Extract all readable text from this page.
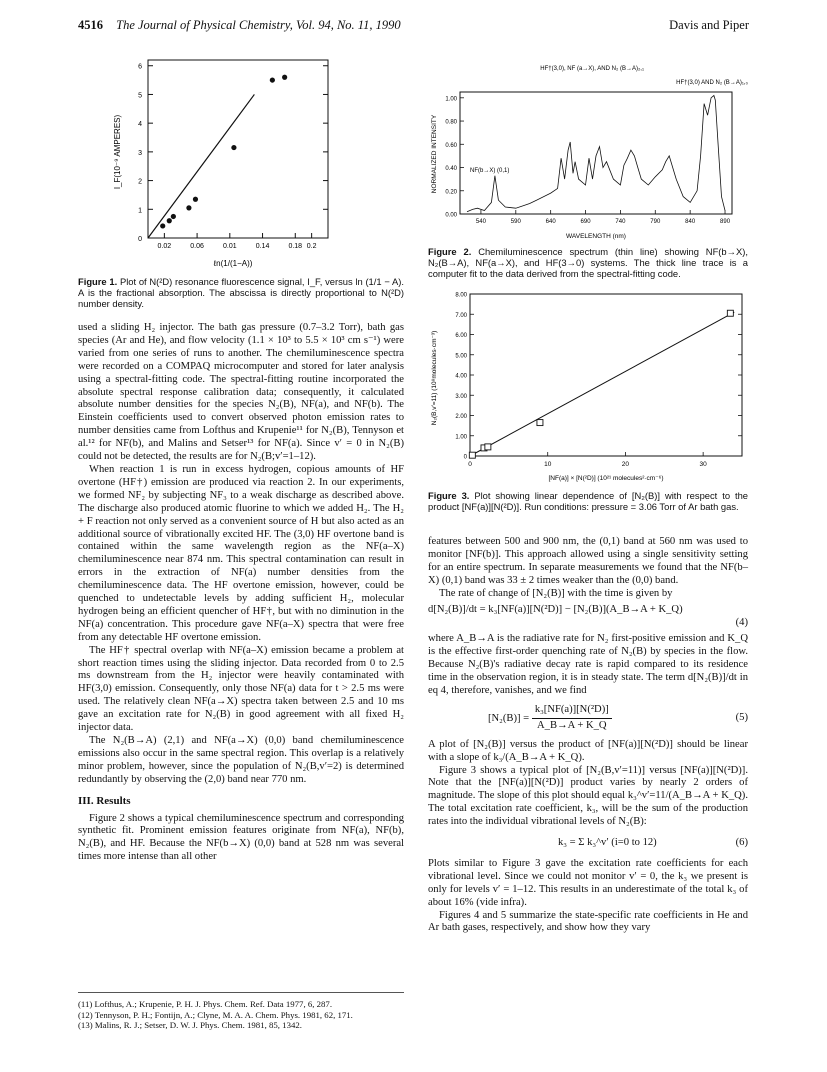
4516 The Journal of Physical Chemistry, Vol. 94, No. 11, 1990	Davis and Piper
0
1
2
3
4
5
6
0.02	0.06	0.01	0.14	0.18 0.2
I_F(10⁻⁹ AMPERES)
ℓn(1/(1−A))
Figure 1. Plot of N(²D) resonance fluorescence signal, I_F, versus ln (1/1 − A). A is the fractional absorption. The abscissa is directly proportional to N(²D) number density.
0.00
0.20
0.40
0.60
0.80
1.00
540	590	640	690	740	790	840	890
NORMALIZED INTENSITY
WAVELENGTH (nm)
NF(b→X) (0,1)
HF†(3,0), NF (a→X), AND N₂ (B→A)₂,₁
HF†(3,0) AND N₂ (B→A)₁,₀
Figure 2. Chemiluminescence spectrum (thin line) showing NF(b→X), N₂(B→A), NF(a→X), and HF(3→0) systems. The thick line trace is a computer fit to the data derived from the spectral-fitting code.
0
1.00
2.00
3.00
4.00
5.00
6.00
7.00
8.00
0	10	20	30
N₂(B,v′=11) (10⁸molecules·cm⁻³)
[NF(a)] × [N(²D)] (10²¹ molecules²·cm⁻⁶)
Figure 3. Plot showing linear dependence of [N₂(B)] with respect to the product [NF(a)][N(²D)]. Run conditions: pressure = 3.06 Torr of Ar bath gas.

used a sliding H₂ injector. The bath gas pressure (0.7–3.2 Torr), bath gas species (Ar and He), and flow velocity (1.1 × 10³ to 5.5 × 10³ cm s⁻¹) were varied from one series of runs to another. The chemiluminescence spectra were recorded on a COMPAQ microcomputer and stored for later analysis using a spectral-fitting code. The spectral-fitting routine incorporated the absolute spectral response calibration data; consequently, it calculated absolute number densities for the species N₂(B), NF(a), and NF(b). The Einstein coefficients used to convert observed photon emission rates to number densities came from Lofthus and Krupenie¹¹ for N₂(B), Tennyson et al.¹² for NF(b), and Malins and Setser¹³ for NF(a). Since v′ = 0 in N₂(B) could not be detected, the results are for N₂(B;v′=1–12).

When reaction 1 is run in excess hydrogen, copious amounts of HF overtone (HF†) emission are produced via reaction 2. In our experiments, we formed NF₂ by subjecting NF₃ to a weak discharge as described above. The discharge also produced atomic fluorine to which we added H₂. The H₂ + F reaction not only served as a convenient source of H but also acted as an additional source of vibrationally excited HF. The (3,0) HF overtone band is contained within the same wavelength region as the NF(a–X) chemiluminescence near 874 nm. This spectral contamination can result in errors in the extraction of NF(a) number densities from the chemiluminescence data. The HF overtone emission, however, could be quenched to undetectable levels by adding sufficient H₂, molecular hydrogen being an efficient quencher of HF†, but with no diminution in the NF(a) concentration. This procedure gave NF(a–X) spectra that were free from any detectable HF overtone emission.

The HF† spectral overlap with NF(a–X) emission became a problem at short reaction times using the sliding injector. Data recorded from 0 to 2.5 ms downstream from the H₂ injector were heavily contaminated with HF(3,0) emission. Consequently, only those NF(a) data for t > 2.5 ms were used. The relatively clean NF(a→X) spectra taken between 2.5 and 10 ms gave an excitation rate for N₂(B) in good agreement with all fixed H₂ injector data.

The N₂(B→A) (2,1) and NF(a→X) (0,0) band chemiluminescence emissions also occur in the same spectral region. This overlap is a relatively minor problem, however, since the population of N₂(B,v′=2) is determined redundantly by observing the (2,0) band near 770 nm.

III. Results

Figure 2 shows a typical chemiluminescence spectrum and corresponding synthetic fit. Prominent emission features originate from NF(a), NF(b), N₂(B), and HF. Because the NF(b→X) (0,0) band at 528 nm was several times more intense than all other

(11) Lofthus, A.; Krupenie, P. H. J. Phys. Chem. Ref. Data 1977, 6, 287.
(12) Tennyson, P. H.; Fontijn, A.; Clyne, M. A. A. Chem. Phys. 1981, 62, 171.
(13) Malins, R. J.; Setser, D. W. J. Phys. Chem. 1981, 85, 1342.

features between 500 and 900 nm, the (0,1) band at 560 nm was used to monitor [NF(b)]. This approach allowed using a single sensitivity setting for an entire spectrum. In separate measurements we found that the NF(b–X) (0,1) band was 33 ± 2 times weaker than the (0,0) band.

The rate of change of [N₂(B)] with the time is given by

d[N₂(B)]/dt = k₃[NF(a)][N(²D)] − [N₂(B)](A_B→A + K_Q)
(4)

where A_B→A is the radiative rate for N₂ first-positive emission and K_Q is the effective first-order quenching rate of N₂(B) by species in the flow. Because N₂(B)'s radiative decay rate is rapid compared to its residence time in the observation region, it is in steady state. The term d[N₂(B)]/dt in eq 4, therefore, vanishes, and we find

$[N_2(B)] = \frac{\text{k₃[NF(a)][N(²D)]}}{A\_B\to A + K\_Q}$	(5)

A plot of [N₂(B)] versus the product of [NF(a)][N(²D)] should be linear with a slope of k₃/(A_B→A + K_Q).

Figure 3 shows a typical plot of [N₂(B,v′=11)] versus [NF(a)][N(²D)]. Note that the [NF(a)][N(²D)] product varies by nearly 2 orders of magnitude. The slope of this plot should equal k₃^v′=11/(A_B→A + K_Q). The total excitation rate coefficient, k₃, will be the sum of the production rates into the individual vibrational levels of N₂(B):

k₃ = Σ k₃^v′ (i=0 to 12)	(6)

Plots similar to Figure 3 gave the excitation rate coefficients for each vibrational level. Since we could not monitor v′ = 0, the k₃ we present is only for levels v′ = 1–12. This results in an underestimate of the total k₃ of about 16% (vide infra).

Figures 4 and 5 summarize the state-specific rate coefficients in He and Ar bath gases, respectively, and show how they vary
